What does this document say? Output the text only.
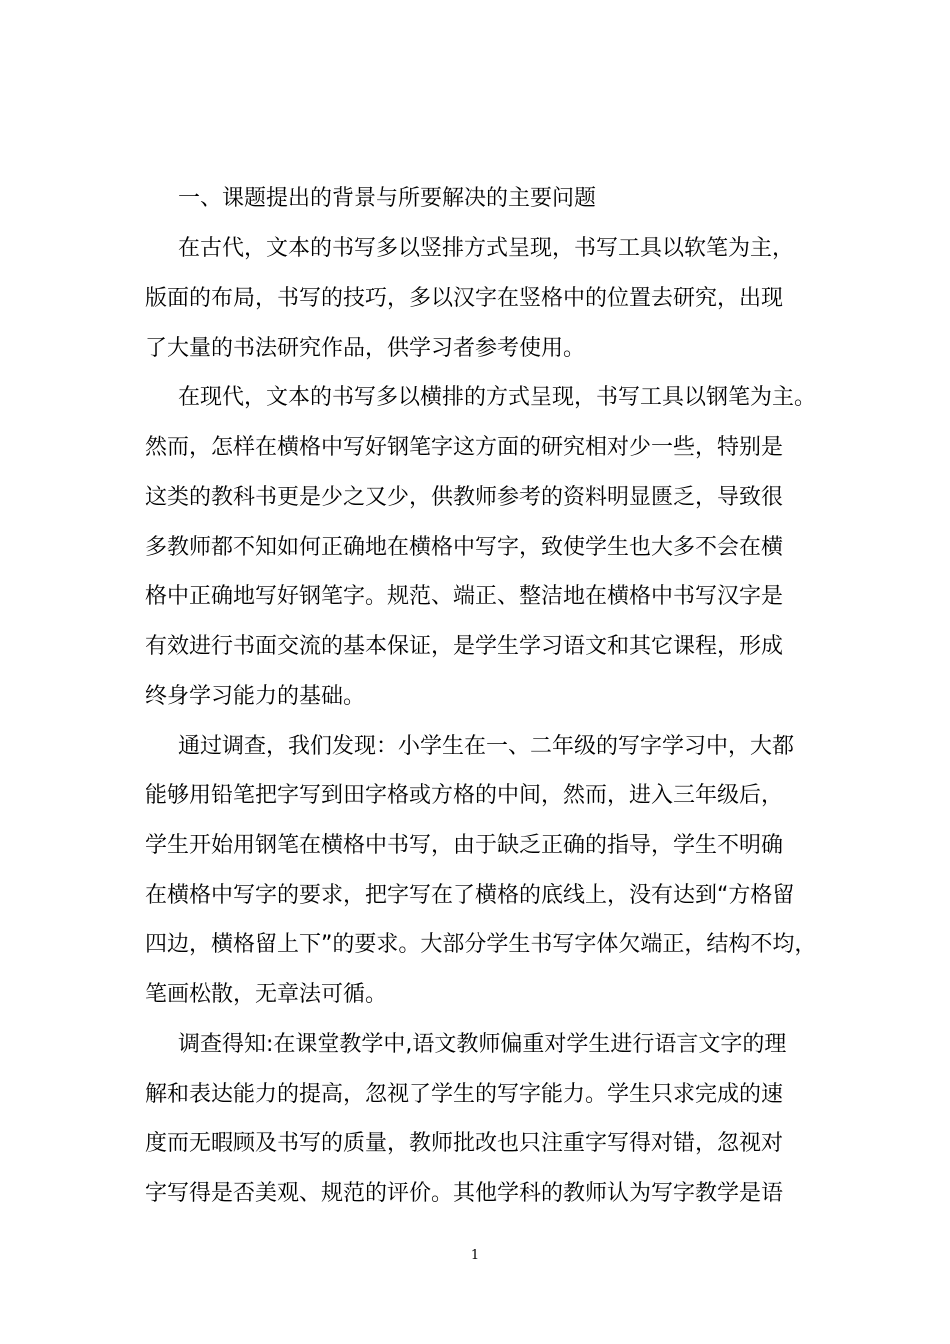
一、课题提出的背景与所要解决的主要问题
在古代，文本的书写多以竖排方式呈现，书写工具以软笔为主，
版面的布局，书写的技巧，多以汉字在竖格中的位置去研究，出现
了大量的书法研究作品，供学习者参考使用。
在现代，文本的书写多以横排的方式呈现，书写工具以钢笔为主。
然而，怎样在横格中写好钢笔字这方面的研究相对少一些，特别是
这类的教科书更是少之又少，供教师参考的资料明显匮乏，导致很
多教师都不知如何正确地在横格中写字，致使学生也大多不会在横
格中正确地写好钢笔字。规范、端正、整洁地在横格中书写汉字是
有效进行书面交流的基本保证，是学生学习语文和其它课程，形成
终身学习能力的基础。
通过调查，我们发现：小学生在一、二年级的写字学习中，大都
能够用铅笔把字写到田字格或方格的中间，然而，进入三年级后，
学生开始用钢笔在横格中书写，由于缺乏正确的指导，学生不明确
在横格中写字的要求，把字写在了横格的底线上，没有达到“方格留
四边，横格留上下”的要求。大部分学生书写字体欠端正，结构不均，
笔画松散，无章法可循。
调查得知:在课堂教学中,语文教师偏重对学生进行语言文字的理
解和表达能力的提高，忽视了学生的写字能力。学生只求完成的速
度而无暇顾及书写的质量，教师批改也只注重字写得对错，忽视对
字写得是否美观、规范的评价。其他学科的教师认为写字教学是语
1
